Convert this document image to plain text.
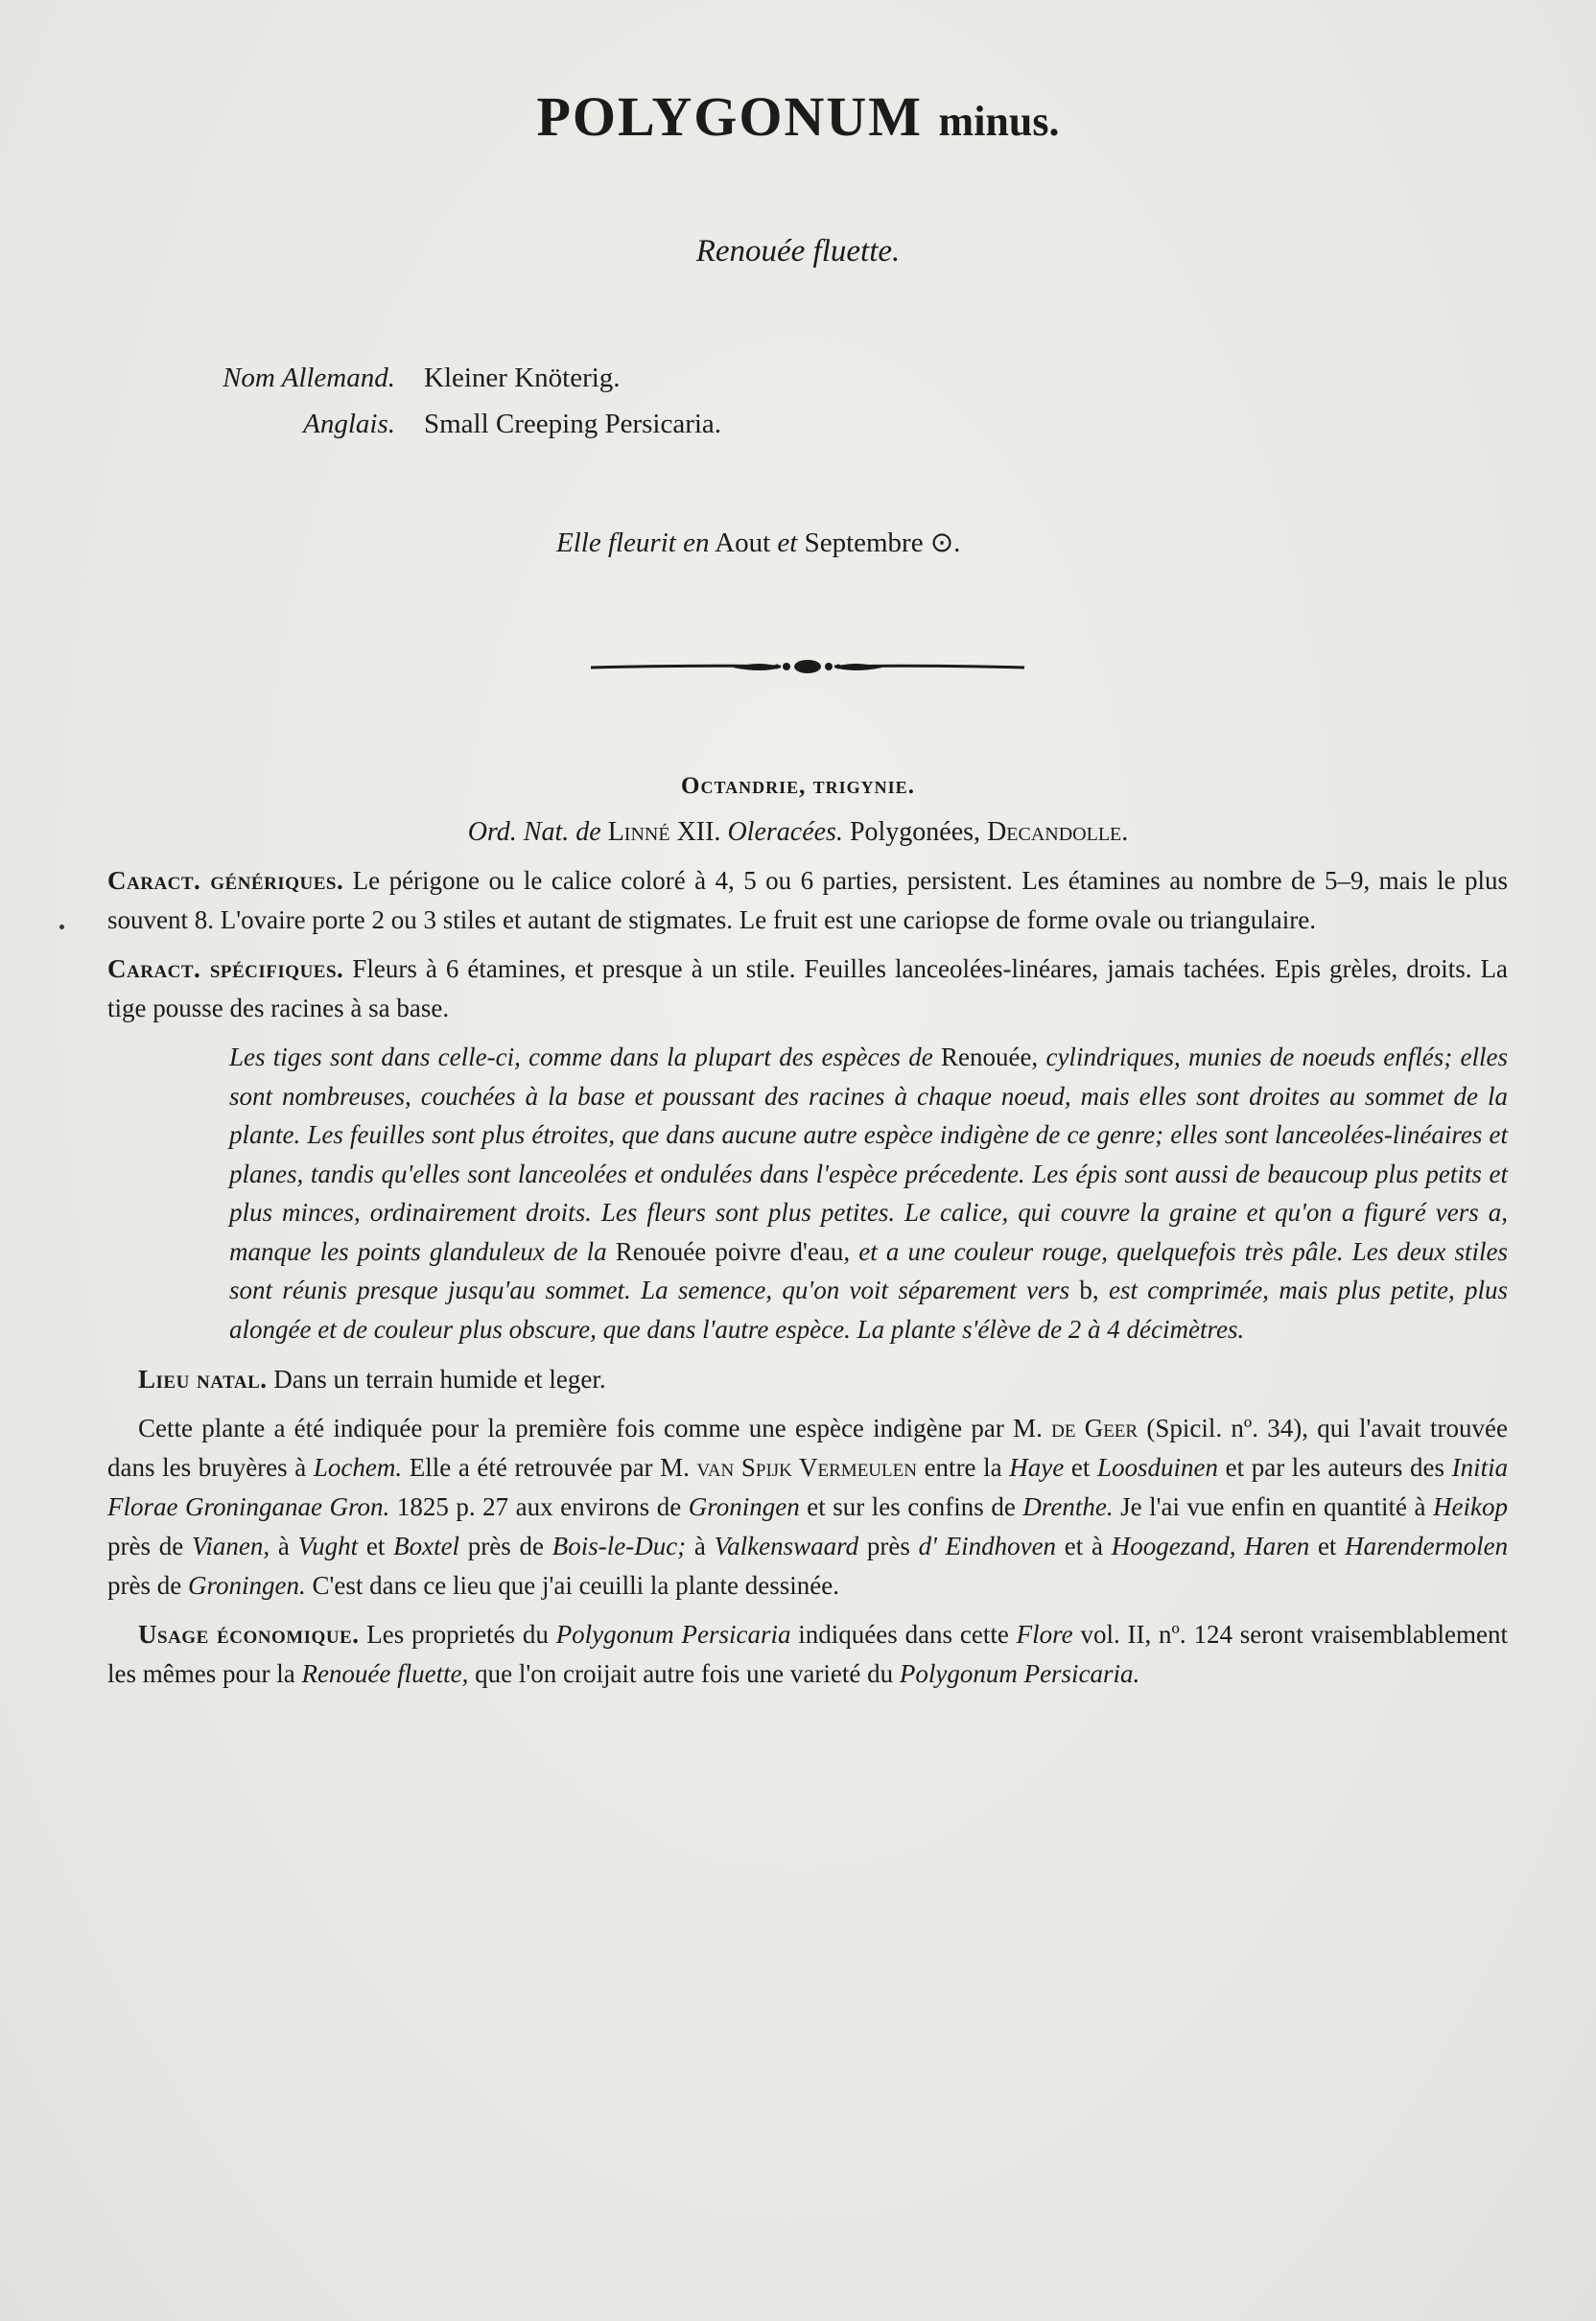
POLYGONUM minus.
Renouée fluette.
Nom Allemand.	Kleiner Knöterig.
Anglais.	Small Creeping Persicaria.
Elle fleurit en Aout et Septembre ⊙.
Octandrie, trigynie.
Ord. Nat. de Linné XII. Oleracées. Polygonées, Decandolle.

Caract. génériques. Le périgone ou le calice coloré à 4, 5 ou 6 parties, persistent. Les étamines au nombre de 5–9, mais le plus souvent 8. L'ovaire porte 2 ou 3 stiles et autant de stigmates. Le fruit est une cariopse de forme ovale ou triangulaire.

Caract. spécifiques. Fleurs à 6 étamines, et presque à un stile. Feuilles lanceolées-linéares, jamais tachées. Epis grèles, droits. La tige pousse des racines à sa base.

Les tiges sont dans celle-ci, comme dans la plupart des espèces de Renouée, cylindriques, munies de noeuds enflés; elles sont nombreuses, couchées à la base et poussant des racines à chaque noeud, mais elles sont droites au sommet de la plante. Les feuilles sont plus étroites, que dans aucune autre espèce indigène de ce genre; elles sont lanceolées-linéaires et planes, tandis qu'elles sont lanceolées et ondulées dans l'espèce précedente. Les épis sont aussi de beaucoup plus petits et plus minces, ordinairement droits. Les fleurs sont plus petites. Le calice, qui couvre la graine et qu'on a figuré vers a, manque les points glanduleux de la Renouée poivre d'eau, et a une couleur rouge, quelquefois très pâle. Les deux stiles sont réunis presque jusqu'au sommet. La semence, qu'on voit séparement vers b, est comprimée, mais plus petite, plus alongée et de couleur plus obscure, que dans l'autre espèce. La plante s'élève de 2 à 4 décimètres.

Lieu natal. Dans un terrain humide et leger.

Cette plante a été indiquée pour la première fois comme une espèce indigène par M. de Geer (Spicil. nº. 34), qui l'avait trouvée dans les bruyères à Lochem. Elle a été retrouvée par M. van Spijk Vermeulen entre la Haye et Loosduinen et par les auteurs des Initia Florae Groninganae Gron. 1825 p. 27 aux environs de Groningen et sur les confins de Drenthe. Je l'ai vue enfin en quantité à Heikop près de Vianen, à Vught et Boxtel près de Bois-le-Duc; à Valkenswaard près d' Eindhoven et à Hoogezand, Haren et Harendermolen près de Groningen. C'est dans ce lieu que j'ai ceuilli la plante dessinée.

Usage économique. Les proprietés du Polygonum Persicaria indiquées dans cette Flore vol. II, nº. 124 seront vraisemblablement les mêmes pour la Renouée fluette, que l'on croijait autre fois une varieté du Polygonum Persicaria.
